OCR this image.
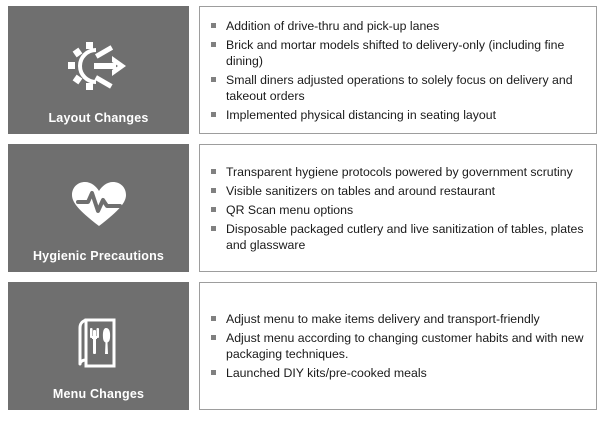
Layout Changes
Addition of drive-thru and pick-up lanes
Brick and mortar models shifted to delivery-only (including fine dining)
Small diners adjusted operations to solely focus on delivery and takeout orders
Implemented physical distancing in seating layout
Hygienic Precautions
Transparent hygiene protocols powered by government scrutiny
Visible sanitizers on tables and around restaurant
QR Scan menu options
Disposable packaged cutlery and live sanitization of tables, plates and glassware
Menu Changes
Adjust menu to make items delivery and transport-friendly
Adjust menu according to changing customer habits and with new packaging techniques.
Launched DIY kits/pre-cooked meals
